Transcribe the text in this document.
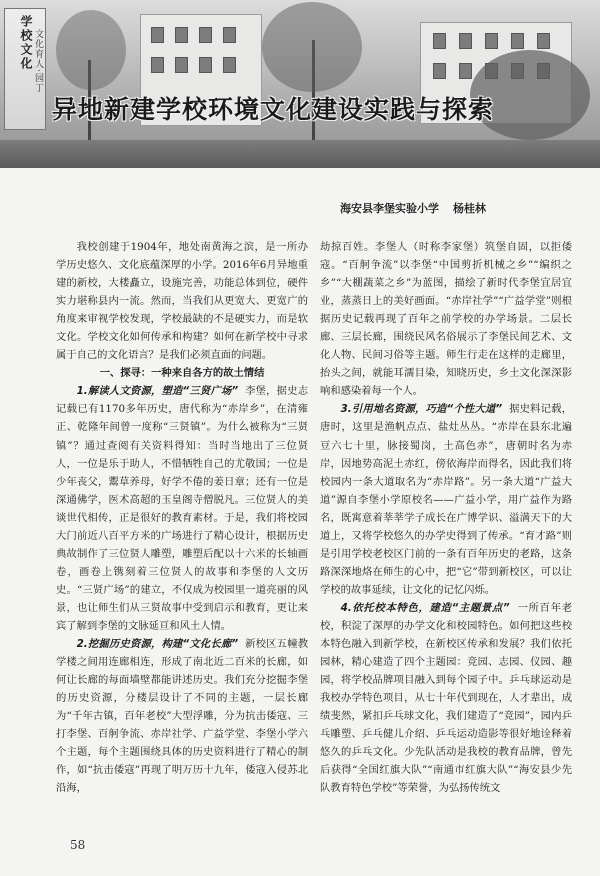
学校文化 文化育人·园丁
异地新建学校环境文化建设实践与探索
海安县李堡实验小学 杨桂林

我校创建于1904年，地处南黄海之滨，是一所办学历史悠久、文化底蕴深厚的小学。2016年6月异地重建的新校，大楼矗立，设施完善，功能总体到位，硬件实力堪称县内一流。然而，当我们从更宽大、更宽广的角度来审视学校发现，学校最缺的不是硬实力，而是软文化。学校文化如何传承和构建？如何在新学校中寻求属于自己的文化语言？是我们必须直面的问题。

一、探寻：一种来自各方的故土情结

1.解读人文资源，塑造“三贤广场” 李堡，据史志记载已有1170多年历史，唐代称为“赤岸乡”，在清雍正、乾隆年间曾一度称“三贤镇”。为什么被称为“三贤镇”？通过查阅有关资料得知：当时当地出了三位贤人，一位是乐于助人，不惜牺牲自己的尤敬国；一位是少年丧父，鬻草养母，好学不倦的姜日章；还有一位是深通佛学，医术高超的玉皇阁寺僧脱凡。三位贤人的美谈世代相传，正是很好的教育素材。于是，我们将校园大门前近八百平方米的广场进行了精心设计，根据历史典故制作了三位贤人雕塑，雕塑后配以十六米的长轴画卷，画卷上镌刻着三位贤人的故事和李堡的人文历史。“三贤广场”的建立，不仅成为校园里一道亮丽的风景，也让师生们从三贤故事中受到启示和教育，更让来宾了解到李堡的文脉延亘和风土人情。

2.挖掘历史资源，构建“文化长廊” 新校区五幢教学楼之间用连廊相连，形成了南北近二百米的长廊，如何让长廊的每面墙壁都能讲述历史。我们充分挖掘李堡的历史资源，分楼层设计了不同的主题，一层长廊为“千年古镇，百年老校”大型浮雕，分为抗击倭寇、三打李堡、百舸争流、赤岸社学、广益学堂、李堡小学六个主题，每个主题围绕具体的历史资料进行了精心的制作，如“抗击倭寇”再现了明万历十九年，倭寇入侵苏北沿海，

劫掠百姓。李堡人（时称李家堡）筑堡自固，以拒倭寇。“百舸争流”以李堡“中国剪折机械之乡”“编织之乡”“大棚蔬菜之乡”为蓝图，描绘了新时代李堡宜居宜业，蒸蒸日上的美好画面。“赤岸社学”“广益学堂”则根据历史记载再现了百年之前学校的办学场景。二层长廊、三层长廊，围绕民风名俗展示了李堡民间艺术、文化人物、民间习俗等主题。师生行走在这样的走廊里，抬头之间，就能耳濡目染，知晓历史，乡土文化深深影响和感染着每一个人。

3.引用地名资源，巧造“个性大道” 据史料记载，唐时，这里是渔帆点点、盐灶丛丛。“赤岸在县东北遍豆六七十里，脉接蜀岗，土高色赤”，唐朝时名为赤岸，因地势高泥土赤红，傍依海岸而得名，因此我们将校园内一条大道取名为“赤岸路”。另一条大道“广益大道”源自李堡小学原校名——广益小学，用广益作为路名，既寓意着莘莘学子成长在广博学识、溢满天下的大道上，又将学校悠久的办学史得到了传承。“育才路”则是引用学校老校区门前的一条有百年历史的老路，这条路深深地烙在师生的心中，把“它”带到新校区，可以让学校的故事延续，让文化的记忆闪烁。

4.依托校本特色，建造“主题景点” 一所百年老校，积淀了深厚的办学文化和校园特色。如何把这些校本特色融入到新学校，在新校区传承和发展？我们依托园林，精心建造了四个主题园：竞园、志园、仪园、趣园，将学校品牌项目融入到每个园子中。乒乓球运动是我校办学特色项目，从七十年代到现在，人才辈出，成绩斐然，紧扣乒乓球文化，我们建造了“竞园”，园内乒乓雕塑、乒乓健儿介绍、乒乓运动造影等很好地诠释着悠久的乒乓文化。少先队活动是我校的教育品牌，曾先后获得“全国红旗大队”“南通市红旗大队”“海安县少先队教育特色学校”等荣誉，为弘扬传统文

58
